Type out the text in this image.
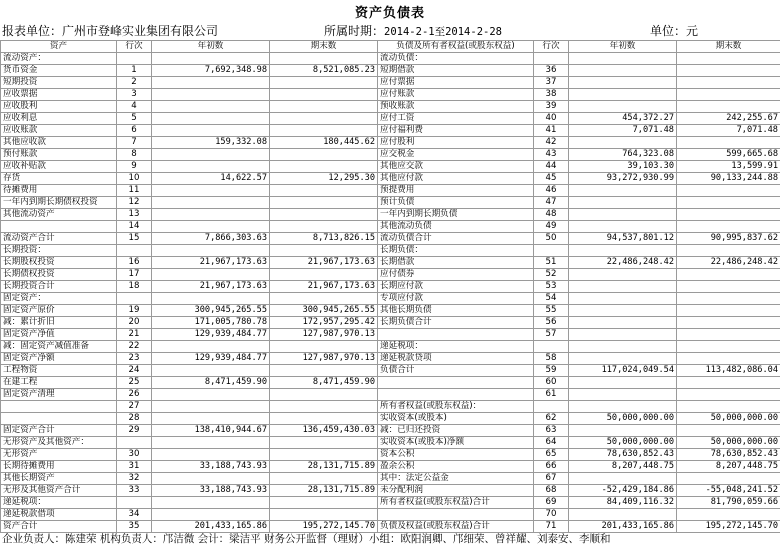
资产负债表
报表单位：广州市登峰实业集团有限公司	所属时期：2014-2-1至2014-2-28	单位：元
资产	行次	年初数	期末数	负债及所有者权益(或股东权益)	行次	年初数	期末数
流动资产：				流动负债：			
货币资金	1	7,692,348.98	8,521,085.23	短期借款	36		
短期投资	2			应付票据	37		
应收票据	3			应付账款	38		
应收股利	4			预收账款	39		
应收利息	5			应付工资	40	454,372.27	242,255.67
应收账款	6			应付福利费	41	7,071.48	7,071.48
其他应收款	7	159,332.08	180,445.62	应付股利	42		
预付账款	8			应交税金	43	764,323.08	599,665.68
应收补贴款	9			其他应交款	44	39,103.30	13,599.91
存货	10	14,622.57	12,295.30	其他应付款	45	93,272,930.99	90,133,244.88
待摊费用	11			预提费用	46		
一年内到期长期债权投资	12			预计负债	47		
其他流动资产	13			一年内到期长期负债	48		
	14			其他流动负债	49		
流动资产合计	15	7,866,303.63	8,713,826.15	流动负债合计	50	94,537,801.12	90,995,837.62
长期投资：				长期负债：			
长期股权投资	16	21,967,173.63	21,967,173.63	长期借款	51	22,486,248.42	22,486,248.42
长期债权投资	17			应付债券	52		
长期投资合计	18	21,967,173.63	21,967,173.63	长期应付款	53		
固定资产：				专项应付款	54		
固定资产原价	19	300,945,265.55	300,945,265.55	其他长期负债	55		
减：累计折旧	20	171,005,780.78	172,957,295.42	长期负债合计	56		
固定资产净值	21	129,939,484.77	127,987,970.13		57		
减：固定资产减值准备	22			递延税项：			
固定资产净额	23	129,939,484.77	127,987,970.13	递延税款贷项	58		
工程物资	24			负债合计	59	117,024,049.54	113,482,086.04
在建工程	25	8,471,459.90	8,471,459.90		60		
固定资产清理	26				61		
	27			所有者权益(或股东权益)：			
	28			实收资本(或股本)	62	50,000,000.00	50,000,000.00
固定资产合计	29	138,410,944.67	136,459,430.03	减：已归还投资	63		
无形资产及其他资产：				实收资本(或股本)净额	64	50,000,000.00	50,000,000.00
无形资产	30			资本公积	65	78,630,852.43	78,630,852.43
长期待摊费用	31	33,188,743.93	28,131,715.89	盈余公积	66	8,207,448.75	8,207,448.75
其他长期资产	32			其中：法定公益金	67		
无形及其他资产合计	33	33,188,743.93	28,131,715.89	未分配利润	68	-52,429,184.86	-55,048,241.52
递延税项：				所有者权益(或股东权益)合计	69	84,409,116.32	81,790,059.66
递延税款借项	34				70		
资产合计	35	201,433,165.86	195,272,145.70	负债及权益(或股东权益)合计	71	201,433,165.86	195,272,145.70
企业负责人：陈建荣 机构负责人：邝洁微 会计：梁洁平 财务公开监督（理财）小组：欧阳润卿、邝细荣、曾祥耀、刘泰安、李顺和
